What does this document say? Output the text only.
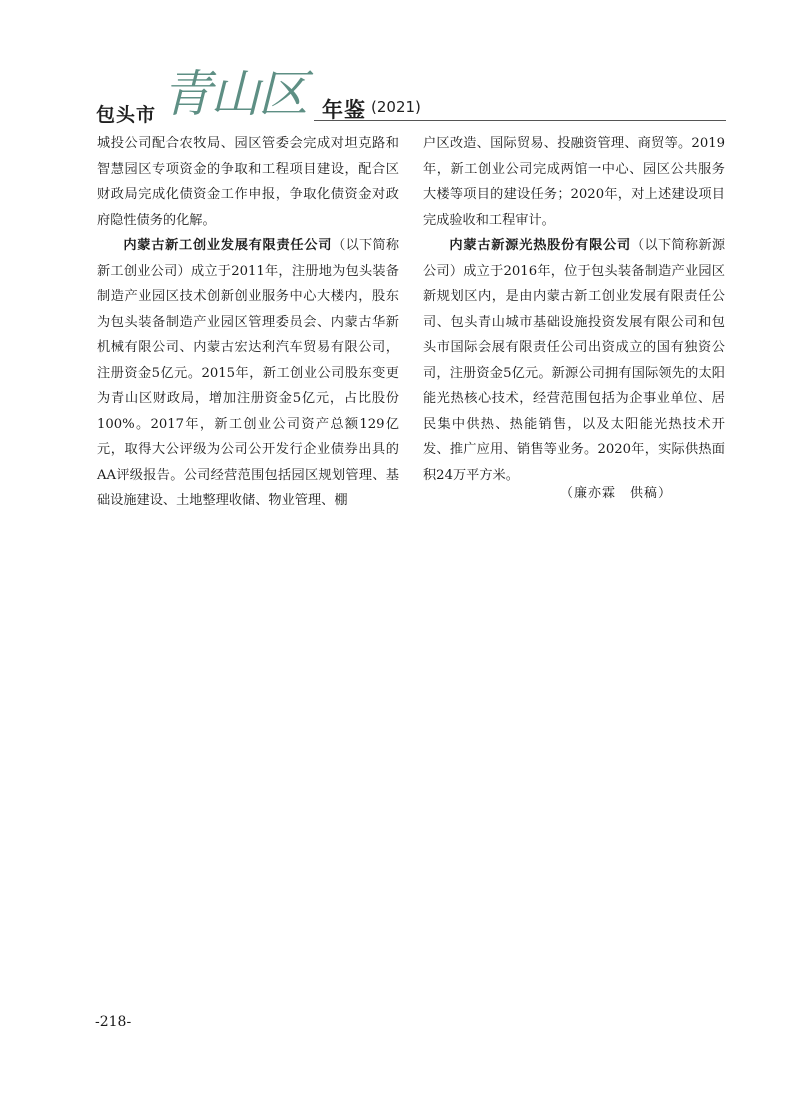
包头市 青山区 年鉴 (2021)

城投公司配合农牧局、园区管委会完成对坦克路和智慧园区专项资金的争取和工程项目建设，配合区财政局完成化债资金工作申报，争取化债资金对政府隐性债务的化解。

内蒙古新工创业发展有限责任公司（以下简称新工创业公司）成立于2011年，注册地为包头装备制造产业园区技术创新创业服务中心大楼内，股东为包头装备制造产业园区管理委员会、内蒙古华新机械有限公司、内蒙古宏达利汽车贸易有限公司，注册资金5亿元。2015年，新工创业公司股东变更为青山区财政局，增加注册资金5亿元，占比股份100%。2017年，新工创业公司资产总额129亿元，取得大公评级为公司公开发行企业债券出具的AA评级报告。公司经营范围包括园区规划管理、基础设施建设、土地整理收储、物业管理、棚

户区改造、国际贸易、投融资管理、商贸等。2019年，新工创业公司完成两馆一中心、园区公共服务大楼等项目的建设任务；2020年，对上述建设项目完成验收和工程审计。

内蒙古新源光热股份有限公司（以下简称新源公司）成立于2016年，位于包头装备制造产业园区新规划区内，是由内蒙古新工创业发展有限责任公司、包头青山城市基础设施投资发展有限公司和包头市国际会展有限责任公司出资成立的国有独资公司，注册资金5亿元。新源公司拥有国际领先的太阳能光热核心技术，经营范围包括为企事业单位、居民集中供热、热能销售，以及太阳能光热技术开发、推广应用、销售等业务。2020年，实际供热面积24万平方米。

（廉亦霖　供稿）
-218-
